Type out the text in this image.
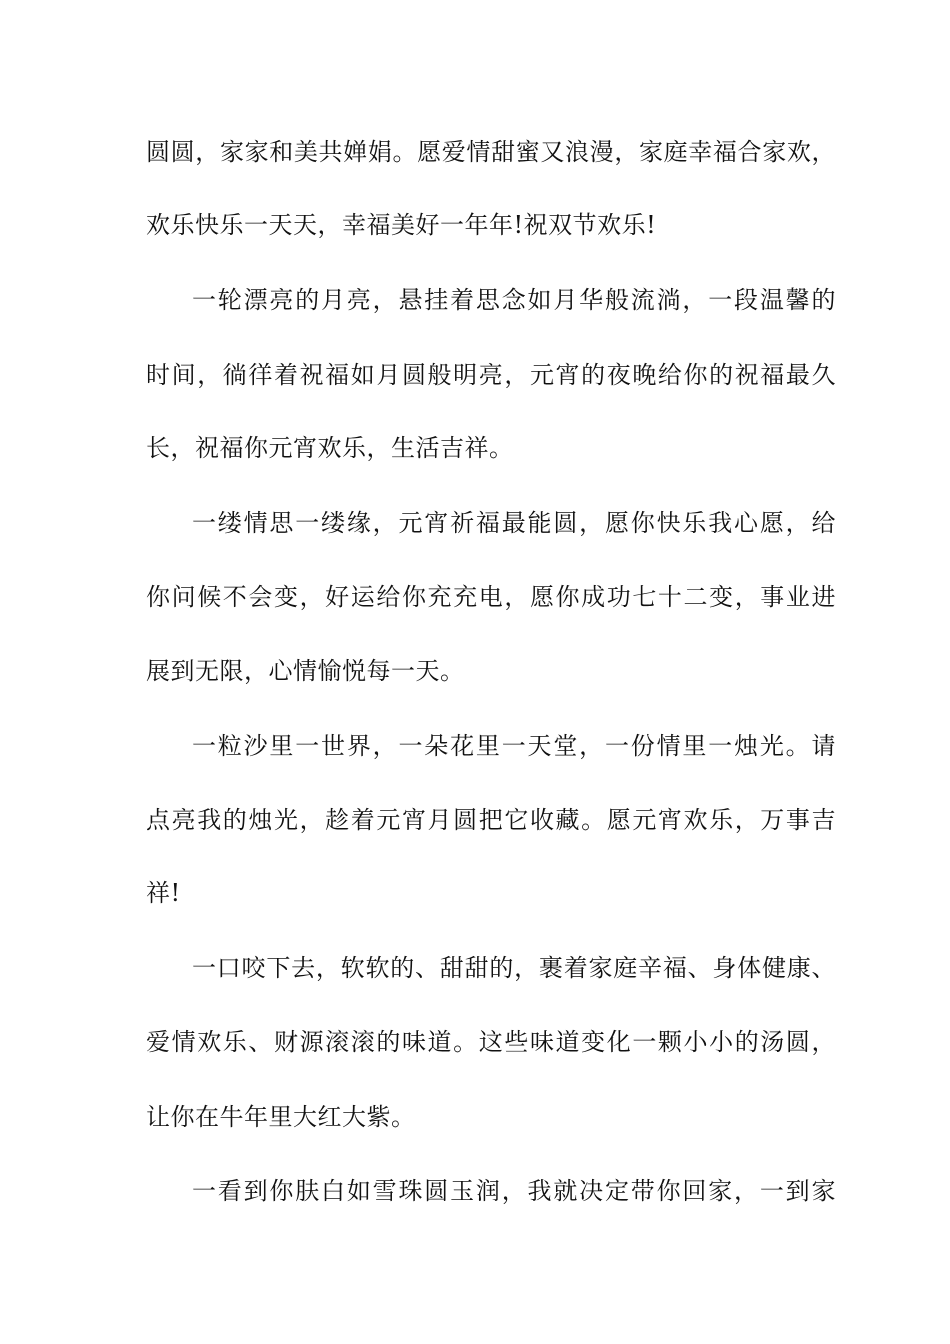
圆圆，家家和美共婵娟。愿爱情甜蜜又浪漫，家庭幸福合家欢，
欢乐快乐一天天，幸福美好一年年!祝双节欢乐!
一轮漂亮的月亮，悬挂着思念如月华般流淌，一段温馨的
时间，徜徉着祝福如月圆般明亮，元宵的夜晚给你的祝福最久
长，祝福你元宵欢乐，生活吉祥。
一缕情思一缕缘，元宵祈福最能圆，愿你快乐我心愿，给
你问候不会变，好运给你充充电，愿你成功七十二变，事业进
展到无限，心情愉悦每一天。
一粒沙里一世界，一朵花里一天堂，一份情里一烛光。请
点亮我的烛光，趁着元宵月圆把它收藏。愿元宵欢乐，万事吉
祥!
一口咬下去，软软的、甜甜的，裹着家庭辛福、身体健康、
爱情欢乐、财源滚滚的味道。这些味道变化一颗小小的汤圆，
让你在牛年里大红大紫。
一看到你肤白如雪珠圆玉润，我就决定带你回家，一到家
